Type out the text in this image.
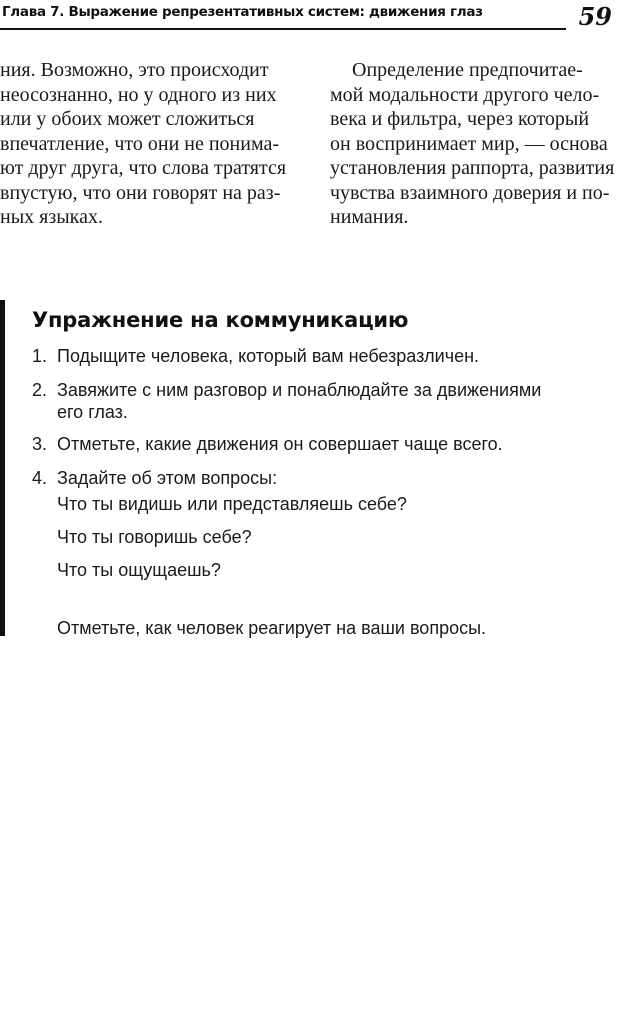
Глава 7. Выражение репрезентативных систем: движения глаз	59

ния. Возможно, это происходит

неосознанно, но у одного из них

или у обоих может сложиться

впечатление, что они не понима-

ют друг друга, что слова тратятся

впустую, что они говорят на раз-

ных языках.

Определение предпочитае-

мой модальности другого чело-

века и фильтра, через который

он воспринимает мир, — основа

установления раппорта, развития

чувства взаимного доверия и по-

нимания.

Упражнение на коммуникацию
1. Подыщите человека, который вам небезразличен.
2. Завяжите с ним разговор и понаблюдайте за движениями
его глаз.
3. Отметьте, какие движения он совершает чаще всего.
4. Задайте об этом вопросы:
Что ты видишь или представляешь себе?
Что ты говоришь себе?
Что ты ощущаешь?
Отметьте, как человек реагирует на ваши вопросы.
